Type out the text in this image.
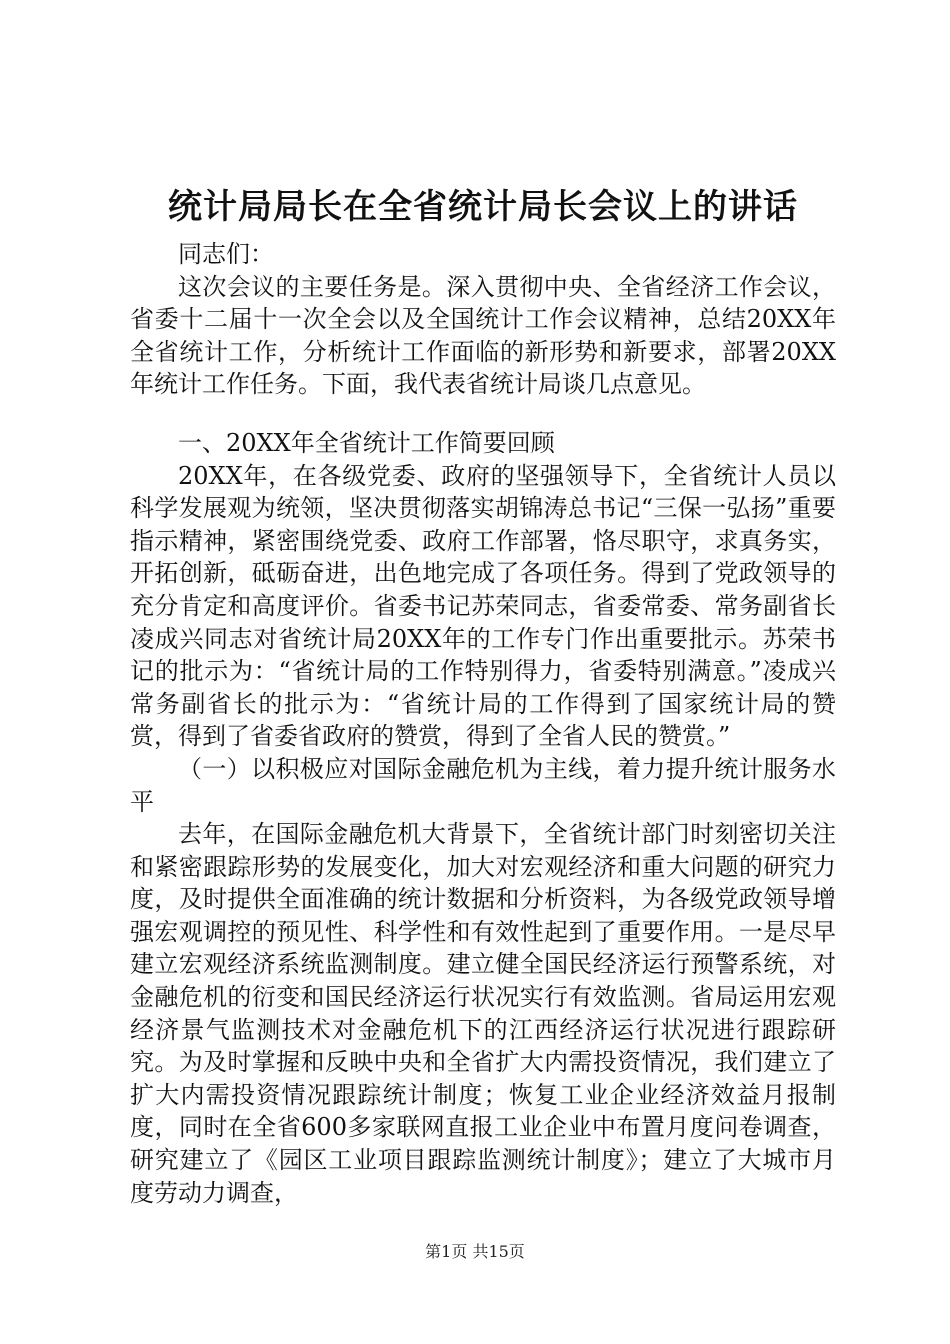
统计局局长在全省统计局长会议上的讲话

同志们：

这次会议的主要任务是。深入贯彻中央、全省经济工作会议，省委十二届十一次全会以及全国统计工作会议精神，总结20XX年全省统计工作，分析统计工作面临的新形势和新要求，部署20XX年统计工作任务。下面，我代表省统计局谈几点意见。

一、20XX年全省统计工作简要回顾

20XX年，在各级党委、政府的坚强领导下，全省统计人员以科学发展观为统领，坚决贯彻落实胡锦涛总书记“三保一弘扬”重要指示精神，紧密围绕党委、政府工作部署，恪尽职守，求真务实，开拓创新，砥砺奋进，出色地完成了各项任务。得到了党政领导的充分肯定和高度评价。省委书记苏荣同志，省委常委、常务副省长凌成兴同志对省统计局20XX年的工作专门作出重要批示。苏荣书记的批示为：“省统计局的工作特别得力，省委特别满意。”凌成兴常务副省长的批示为：“省统计局的工作得到了国家统计局的赞赏，得到了省委省政府的赞赏，得到了全省人民的赞赏。”

（一）以积极应对国际金融危机为主线，着力提升统计服务水平

去年，在国际金融危机大背景下，全省统计部门时刻密切关注和紧密跟踪形势的发展变化，加大对宏观经济和重大问题的研究力度，及时提供全面准确的统计数据和分析资料，为各级党政领导增强宏观调控的预见性、科学性和有效性起到了重要作用。一是尽早建立宏观经济系统监测制度。建立健全国民经济运行预警系统，对金融危机的衍变和国民经济运行状况实行有效监测。省局运用宏观经济景气监测技术对金融危机下的江西经济运行状况进行跟踪研究。为及时掌握和反映中央和全省扩大内需投资情况，我们建立了扩大内需投资情况跟踪统计制度；恢复工业企业经济效益月报制度，同时在全省600多家联网直报工业企业中布置月度问卷调查，研究建立了《园区工业项目跟踪监测统计制度》；建立了大城市月度劳动力调查，

第1页 共15页
